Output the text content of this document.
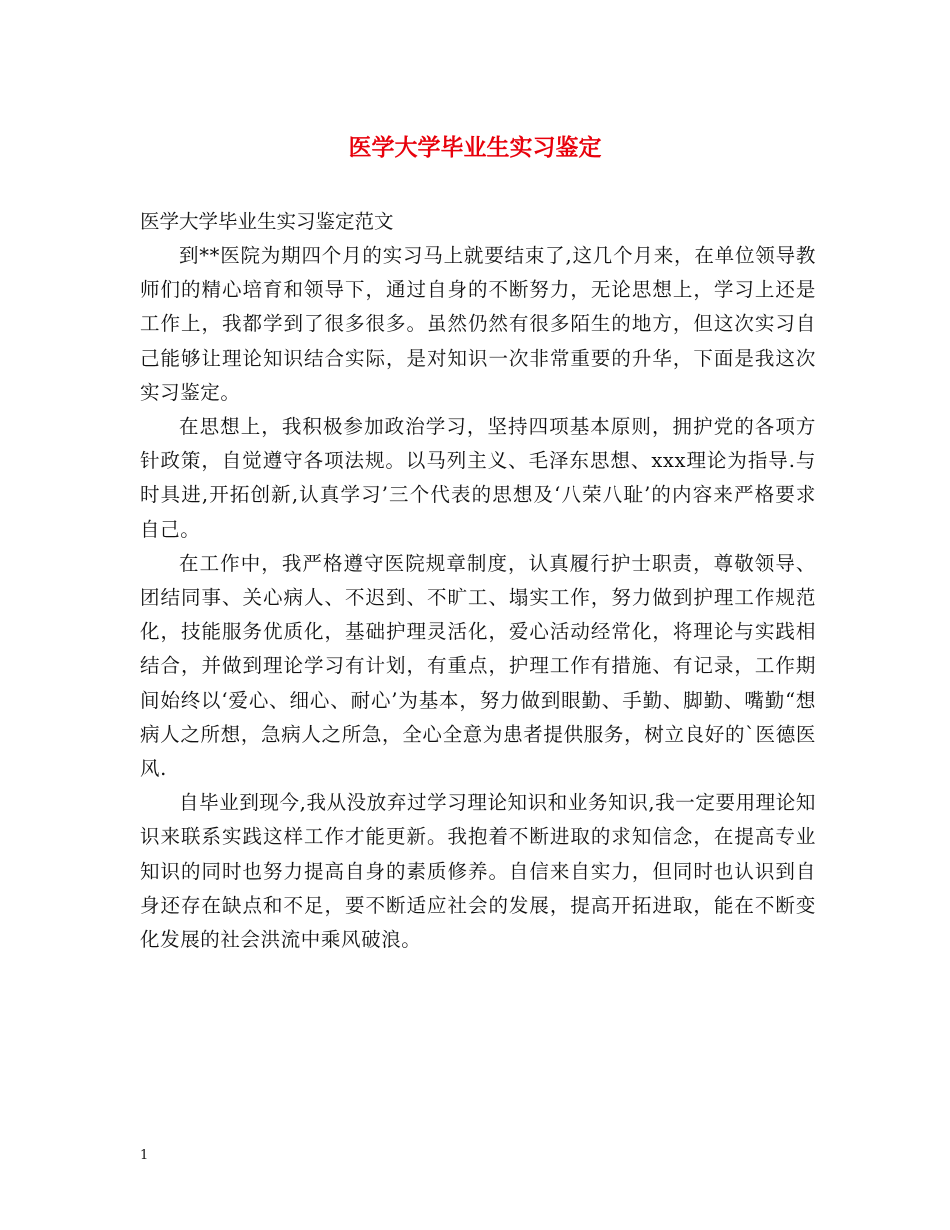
医学大学毕业生实习鉴定

医学大学毕业生实习鉴定范文

到**医院为期四个月的实习马上就要结束了,这几个月来，在单位领导教师们的精心培育和领导下，通过自身的不断努力，无论思想上，学习上还是工作上，我都学到了很多很多。虽然仍然有很多陌生的地方，但这次实习自己能够让理论知识结合实际，是对知识一次非常重要的升华，下面是我这次实习鉴定。

在思想上，我积极参加政治学习，坚持四项基本原则，拥护党的各项方针政策，自觉遵守各项法规。以马列主义、毛泽东思想、xxx理论为指导.与时具进,开拓创新,认真学习’三个代表的思想及‘八荣八耻’的内容来严格要求自己。

在工作中，我严格遵守医院规章制度，认真履行护士职责，尊敬领导、团结同事、关心病人、不迟到、不旷工、塌实工作，努力做到护理工作规范化，技能服务优质化，基础护理灵活化，爱心活动经常化，将理论与实践相结合，并做到理论学习有计划，有重点，护理工作有措施、有记录，工作期间始终以‘爱心、细心、耐心’为基本，努力做到眼勤、手勤、脚勤、嘴勤“想病人之所想，急病人之所急，全心全意为患者提供服务，树立良好的`医德医风.

自毕业到现今,我从没放弃过学习理论知识和业务知识,我一定要用理论知识来联系实践这样工作才能更新。我抱着不断进取的求知信念，在提高专业知识的同时也努力提高自身的素质修养。自信来自实力，但同时也认识到自身还存在缺点和不足，要不断适应社会的发展，提高开拓进取，能在不断变化发展的社会洪流中乘风破浪。

1
